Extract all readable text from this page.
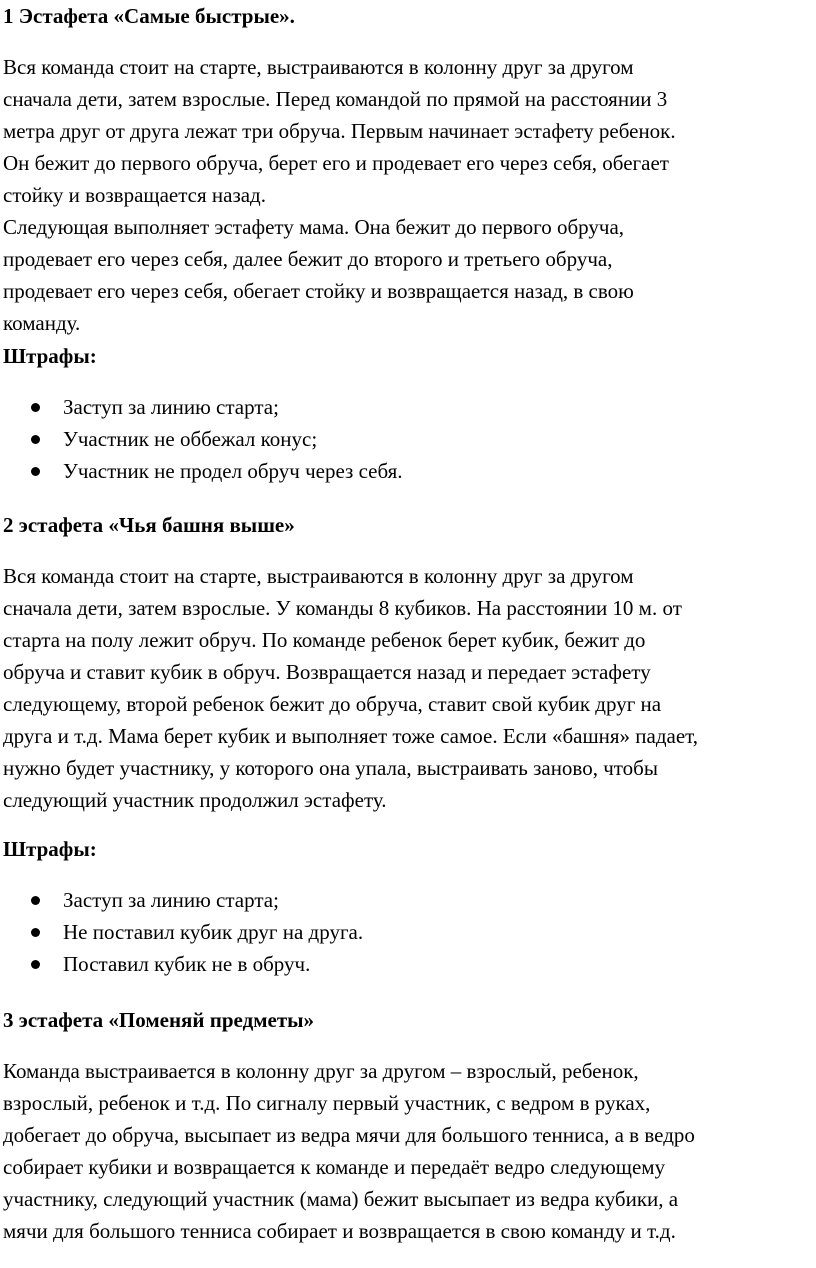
1 Эстафета «Самые быстрые».

Вся команда стоит на старте, выстраиваются в колонну друг за другом
сначала дети, затем взрослые. Перед командой по прямой на расстоянии 3
метра друг от друга лежат три обруча. Первым начинает эстафету ребенок.
Он бежит до первого обруча, берет его и продевает его через себя, обегает
стойку и возвращается назад.

Следующая выполняет эстафету мама. Она бежит до первого обруча,
продевает его через себя, далее бежит до второго и третьего обруча,
продевает его через себя, обегает стойку и возвращается назад, в свою
команду.

Штрафы:
Заступ за линию старта;
Участник не оббежал конус;
Участник не продел обруч через себя.
2 эстафета «Чья башня выше»

Вся команда стоит на старте, выстраиваются в колонну друг за другом
сначала дети, затем взрослые. У команды 8 кубиков. На расстоянии 10 м. от
старта на полу лежит обруч. По команде ребенок берет кубик, бежит до
обруча и ставит кубик в обруч. Возвращается назад и передает эстафету
следующему, второй ребенок бежит до обруча, ставит свой кубик друг на
друга и т.д. Мама берет кубик и выполняет тоже самое. Если «башня» падает,
нужно будет участнику, у которого она упала, выстраивать заново, чтобы
следующий участник продолжил эстафету.

Штрафы:
Заступ за линию старта;
Не поставил кубик друг на друга.
Поставил кубик не в обруч.
3 эстафета «Поменяй предметы»

Команда выстраивается в колонну друг за другом – взрослый, ребенок,
взрослый, ребенок и т.д. По сигналу первый участник, с ведром в руках,
добегает до обруча, высыпает из ведра мячи для большого тенниса, а в ведро
собирает кубики и возвращается к команде и передаёт ведро следующему
участнику, следующий участник (мама) бежит высыпает из ведра кубики, а
мячи для большого тенниса собирает и возвращается в свою команду и т.д.
